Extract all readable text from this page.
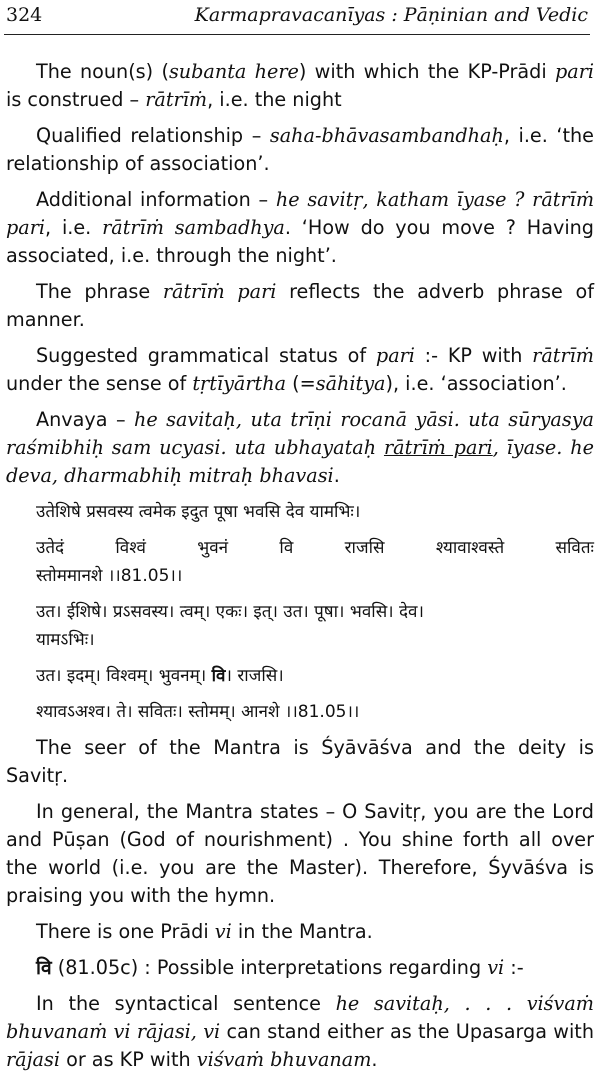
324	Karmapravacanīyas : Pāṇinian and Vedic

The noun(s) (subanta here) with which the KP-Prādi pari is construed – rātrīṁ, i.e. the night

Qualified relationship – saha-bhāvasambandhaḥ, i.e. ‘the relationship of association’.

Additional information – he savitṛ, katham īyase ? rātrīṁ pari, i.e. rātrīṁ sambadhya. ‘How do you move ? Having associated, i.e. through the night’.

The phrase rātrīṁ pari reflects the adverb phrase of manner.

Suggested grammatical status of pari :- KP with rātrīṁ under the sense of tṛtīyārtha (=sāhitya), i.e. ‘association’.

Anvaya – he savitaḥ, uta trīṇi rocanā yāsi. uta sūryasya raśmibhiḥ sam ucyasi. uta ubhayataḥ rātrīṁ pari, īyase. he deva, dharmabhiḥ mitraḥ bhavasi.

उतेशिषे प्रसवस्य त्वमेक इदुत पूषा भवसि देव यामभिः।
उतेदं	विश्वं	भुवनं	वि	राजसि	श्यावाश्वस्ते	सवितः
स्तोममानशे ।।81.05।।
उत। ईशिषे। प्रऽसवस्य। त्वम्। एकः। इत्। उत। पूषा। भवसि। देव।
यामऽभिः।
उत। इदम्। विश्वम्। भुवनम्। वि। राजसि।
श्यावऽअश्व। ते। सवितः। स्तोमम्। आनशे ।।81.05।।

The seer of the Mantra is Śyāvāśva and the deity is Savitṛ.

In general, the Mantra states – O Savitṛ, you are the Lord and Pūṣan (God of nourishment) . You shine forth all over the world (i.e. you are the Master). Therefore, Śyvāśva is praising you with the hymn.

There is one Prādi vi in the Mantra.

वि (81.05c) : Possible interpretations regarding vi :-

In the syntactical sentence he savitaḥ, . . . viśvaṁ bhuvanaṁ vi rājasi, vi can stand either as the Upasarga with rājasi or as KP with viśvaṁ bhuvanam.
